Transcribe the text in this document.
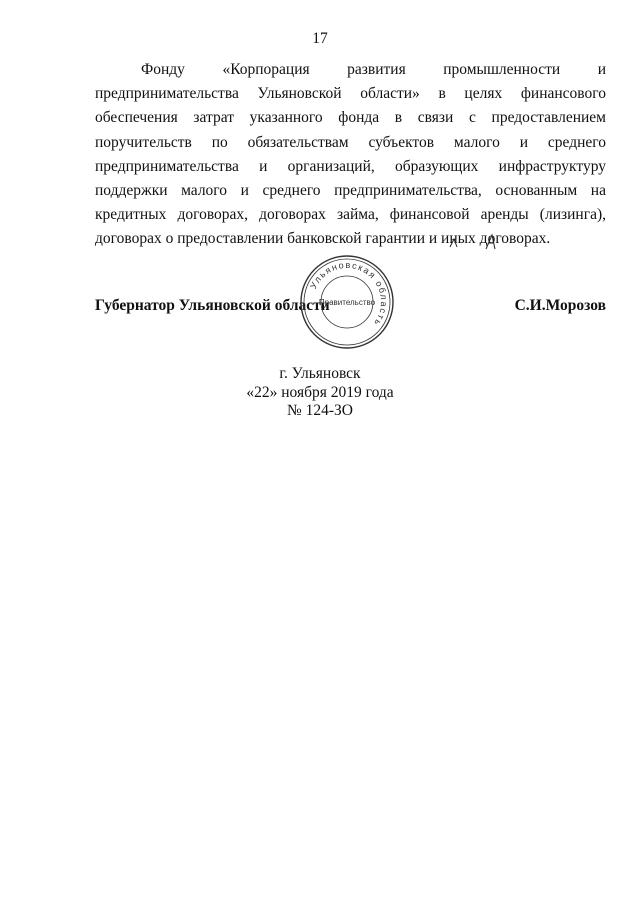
17

Фонду «Корпорация развития промышленности и предпринимательства Ульяновской области» в целях финансового обеспечения затрат указанного фонда в связи с предоставлением поручительств по обязательствам субъектов малого и среднего предпринимательства и организаций, образующих инфраструктуру поддержки малого и среднего предпринимательства, основанным на кредитных договорах, договорах займа, финансовой аренды (лизинга), договорах о предоставлении банковской гарантии и иных договорах.

Губернатор Ульяновской области	С.И.Морозов
Ульяновская область
Правительство
г. Ульяновск
«22» ноября 2019 года
№ 124-ЗО
